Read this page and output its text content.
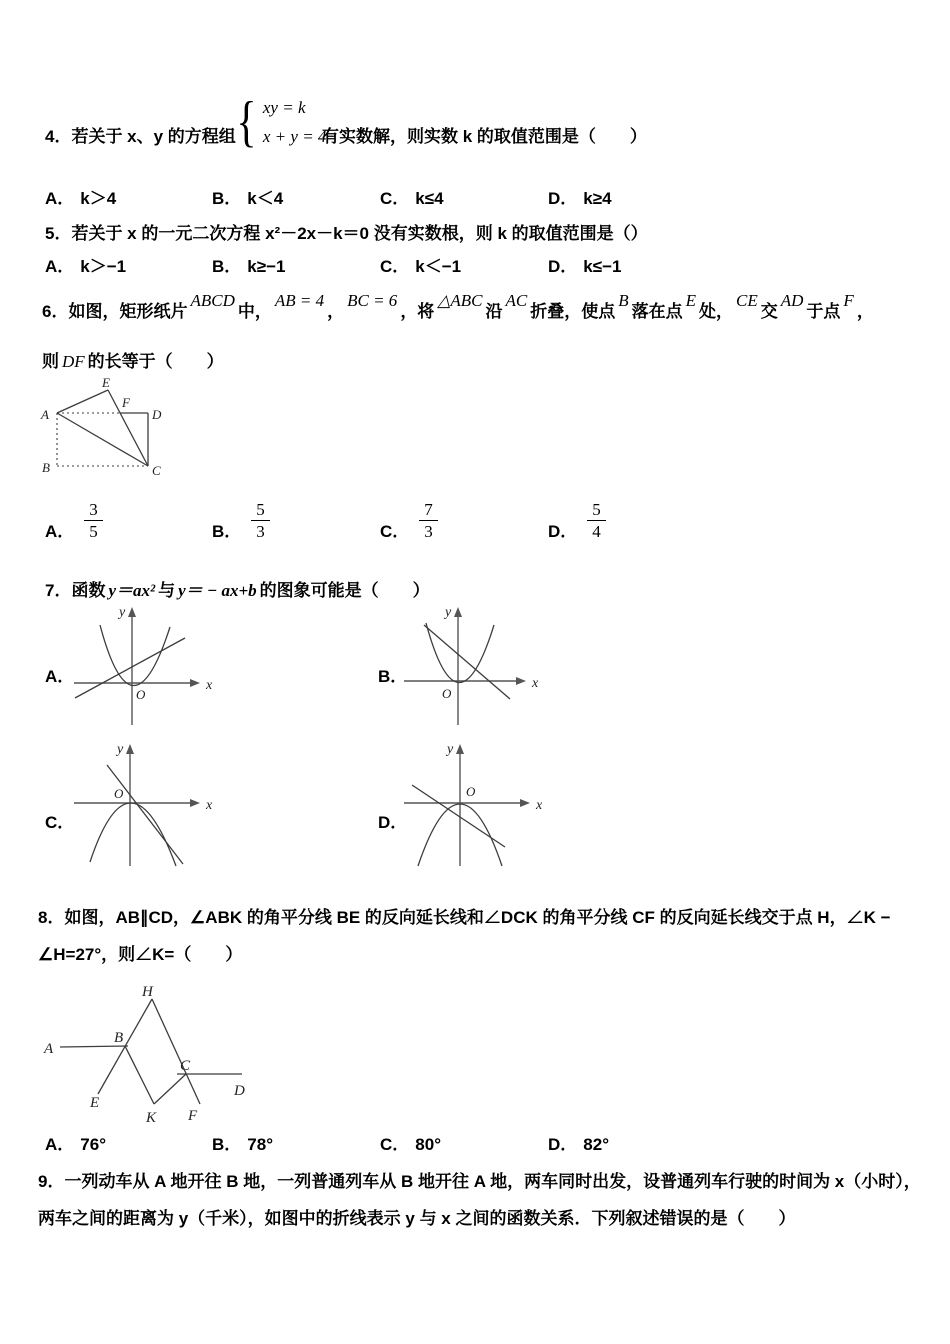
4．若关于 x、y 的方程组 { xy = k
x + y = 4
有实数解，则实数 k 的取值范围是（　　）
A． k＞4	B． k＜4	C． k≤4	D． k≥4
5．若关于 x 的一元二次方程 x²－2x－k＝0 没有实数根，则 k 的取值范围是（）
A． k＞−1	B． k≥−1	C． k＜−1	D． k≤−1
6．如图，矩形纸片ABCD中，AB = 4，BC = 6，将△ABC沿AC折叠，使点B落在点E处，CE交AD于点F，
则 DF 的长等于（　　）
A
B	C
D
E
F
A． $\frac{3}{5}$	B． $\frac{5}{3}$	C． $\frac{7}{3}$	D． $\frac{5}{4}$
7．函数 y＝ax² 与 y＝ − ax+b 的图象可能是（　　）
A．
y
x
O
B．
y
x
O
C．
y
x
O
D．
y
x
O
8．如图，AB∥CD，∠ABK 的角平分线 BE 的反向延长线和∠DCK 的角平分线 CF 的反向延长线交于点 H，∠K −
∠H=27°，则∠K=（　　）
A
B
H
E
K
C
D
F
A． 76°	B． 78°	C． 80°	D． 82°
9．一列动车从 A 地开往 B 地，一列普通列车从 B 地开往 A 地，两车同时出发，设普通列车行驶的时间为 x（小时），
两车之间的距离为 y（千米），如图中的折线表示 y 与 x 之间的函数关系．下列叙述错误的是（　　）
